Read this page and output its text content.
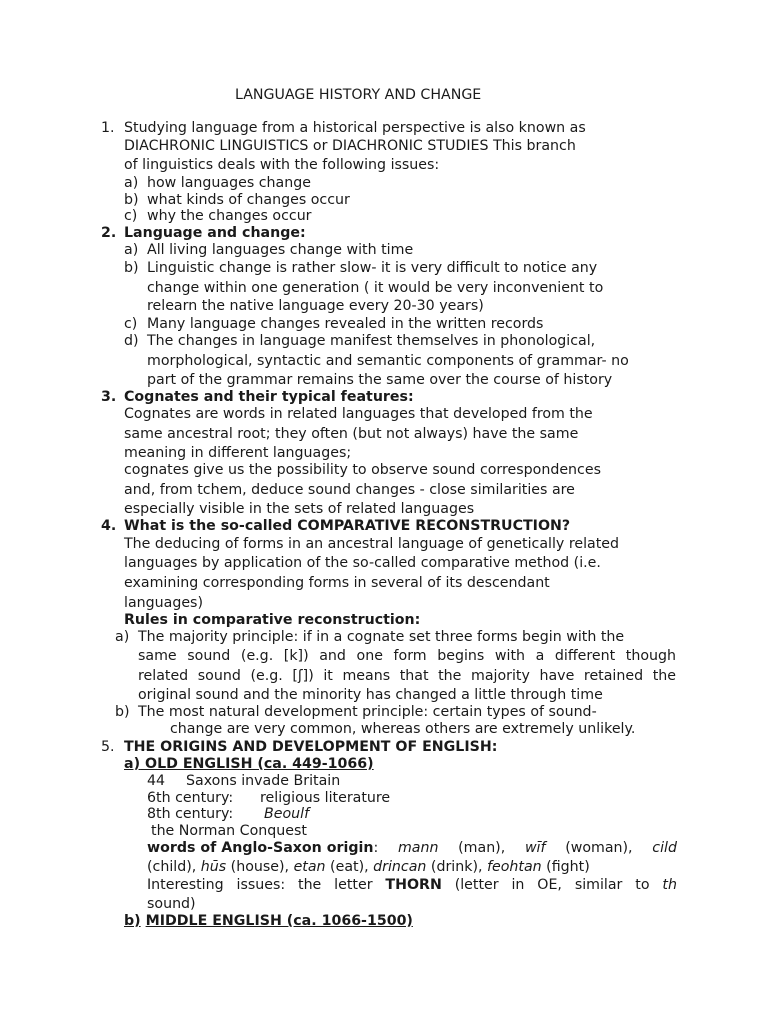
LANGUAGE HISTORY AND CHANGE
1. Studying language from a historical perspective is also known as
DIACHRONIC LINGUISTICS or DIACHRONIC STUDIES This branch
of linguistics deals with the following issues:
a) how languages change
b) what kinds of changes occur
c) why the changes occur
2. Language and change:
a) All living languages change with time
b) Linguistic change is rather slow- it is very difficult to notice any
change within one generation ( it would be very inconvenient to
relearn the native language every 20-30 years)
c) Many language changes revealed in the written records
d) The changes in language manifest themselves in phonological,
morphological, syntactic and semantic components of grammar- no
part of the grammar remains the same over the course of history
3. Cognates and their typical features:
Cognates are words in related languages that developed from the
same ancestral root; they often (but not always) have the same
meaning in different languages;
cognates give us the possibility to observe sound correspondences
and, from tchem, deduce sound changes - close similarities are
especially visible in the sets of related languages
4. What is the so-called COMPARATIVE RECONSTRUCTION?
The deducing of forms in an ancestral language of genetically related
languages by application of the so-called comparative method (i.e.
examining corresponding forms in several of its descendant
languages)
Rules in comparative reconstruction:
a) The majority principle: if in a cognate set three forms begin with the
same sound (e.g. [k]) and one form begins with a different though
related sound (e.g. [ʃ]) it means that the majority have retained the
original sound and the minority has changed a little through time
b) The most natural development principle: certain types of sound-
change are very common, whereas others are extremely unlikely.
5. THE ORIGINS AND DEVELOPMENT OF ENGLISH:
a) OLD ENGLISH (ca. 449-1066)
44 Saxons invade Britain
6th century: religious literature
8th century: Beoulf
the Norman Conquest
words of Anglo-Saxon origin: mann (man), wīf (woman), cild
(child), hūs (house), etan (eat), drincan (drink), feohtan (fight)
Interesting issues: the letter THORN (letter in OE, similar to th
sound)
b) MIDDLE ENGLISH (ca. 1066-1500)
